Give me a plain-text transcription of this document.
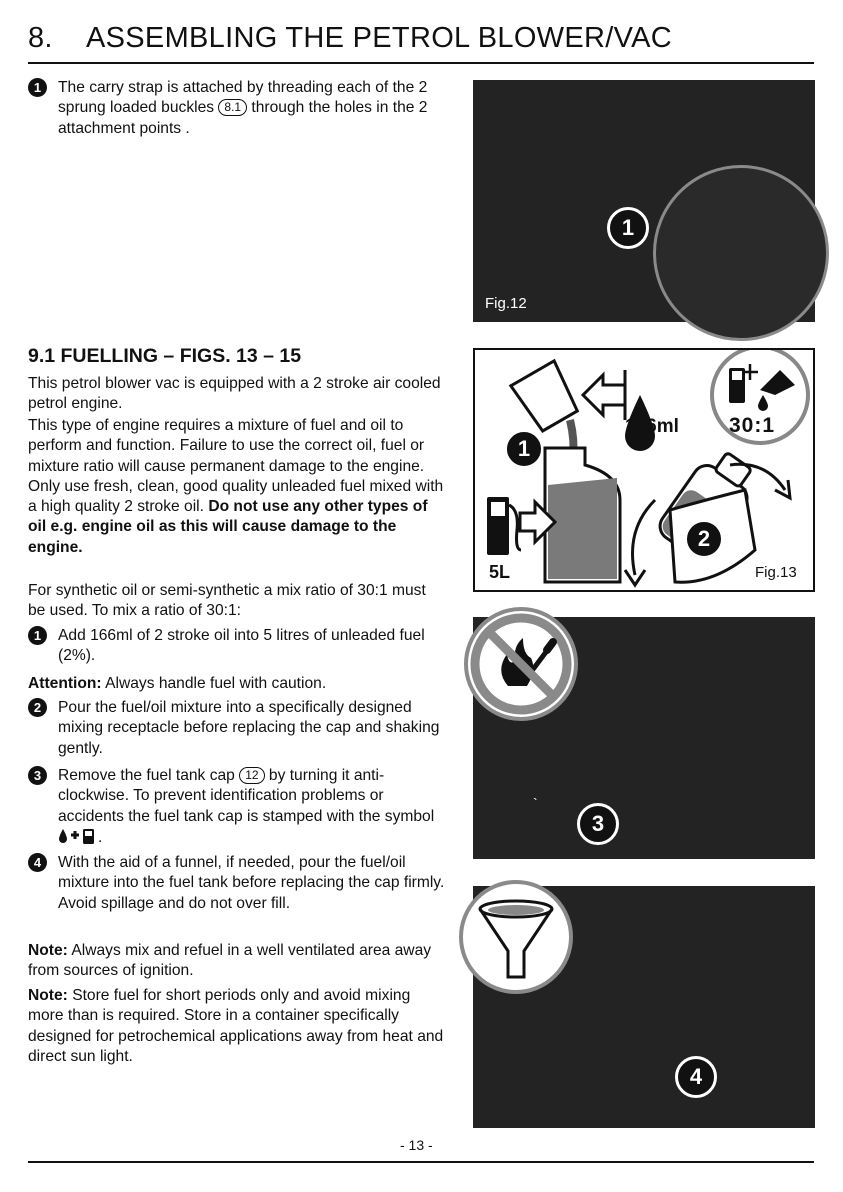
8. ASSEMBLING THE PETROL BLOWER/VAC
1	The carry strap is attached by threading each of the 2 sprung loaded buckles 8.1 through the holes in the 2 attachment points .
1
Fig.12
9.1 FUELLING – FIGS. 13 – 15
This petrol blower vac is equipped with a 2 stroke air cooled petrol engine.
This type of engine requires a mixture of fuel and oil to perform and function. Failure to use the correct oil, fuel or mixture ratio will cause permanent damage to the engine. Only use fresh, clean, good quality unleaded fuel mixed with a high quality 2 stroke oil. Do not use any other types of oil e.g. engine oil as this will cause damage to the engine.
For synthetic oil or semi-synthetic a mix ratio of 30:1 must be used. To mix a ratio of 30:1:
1	Add 166ml of 2 stroke oil into 5 litres of unleaded fuel (2%).
Attention: Always handle fuel with caution.
2	Pour the fuel/oil mixture into a specifically designed mixing receptacle before replacing the cap and shaking gently.
3	Remove the fuel tank cap 12 by turning it anti-clockwise. To prevent identification problems or accidents the fuel tank cap is stamped with the symbol .
4	With the aid of a funnel, if needed, pour the fuel/oil mixture into the fuel tank before replacing the cap firmly. Avoid spillage and do not over fill.
Note: Always mix and refuel in a well ventilated area away from sources of ignition.
Note: Store fuel for short periods only and avoid mixing more than is required. Store in a container specifically designed for petrochemical applications away from heat and direct sun light.
1
2
166ml 30:1
5L	Fig.13
`
3
4
- 13 -
